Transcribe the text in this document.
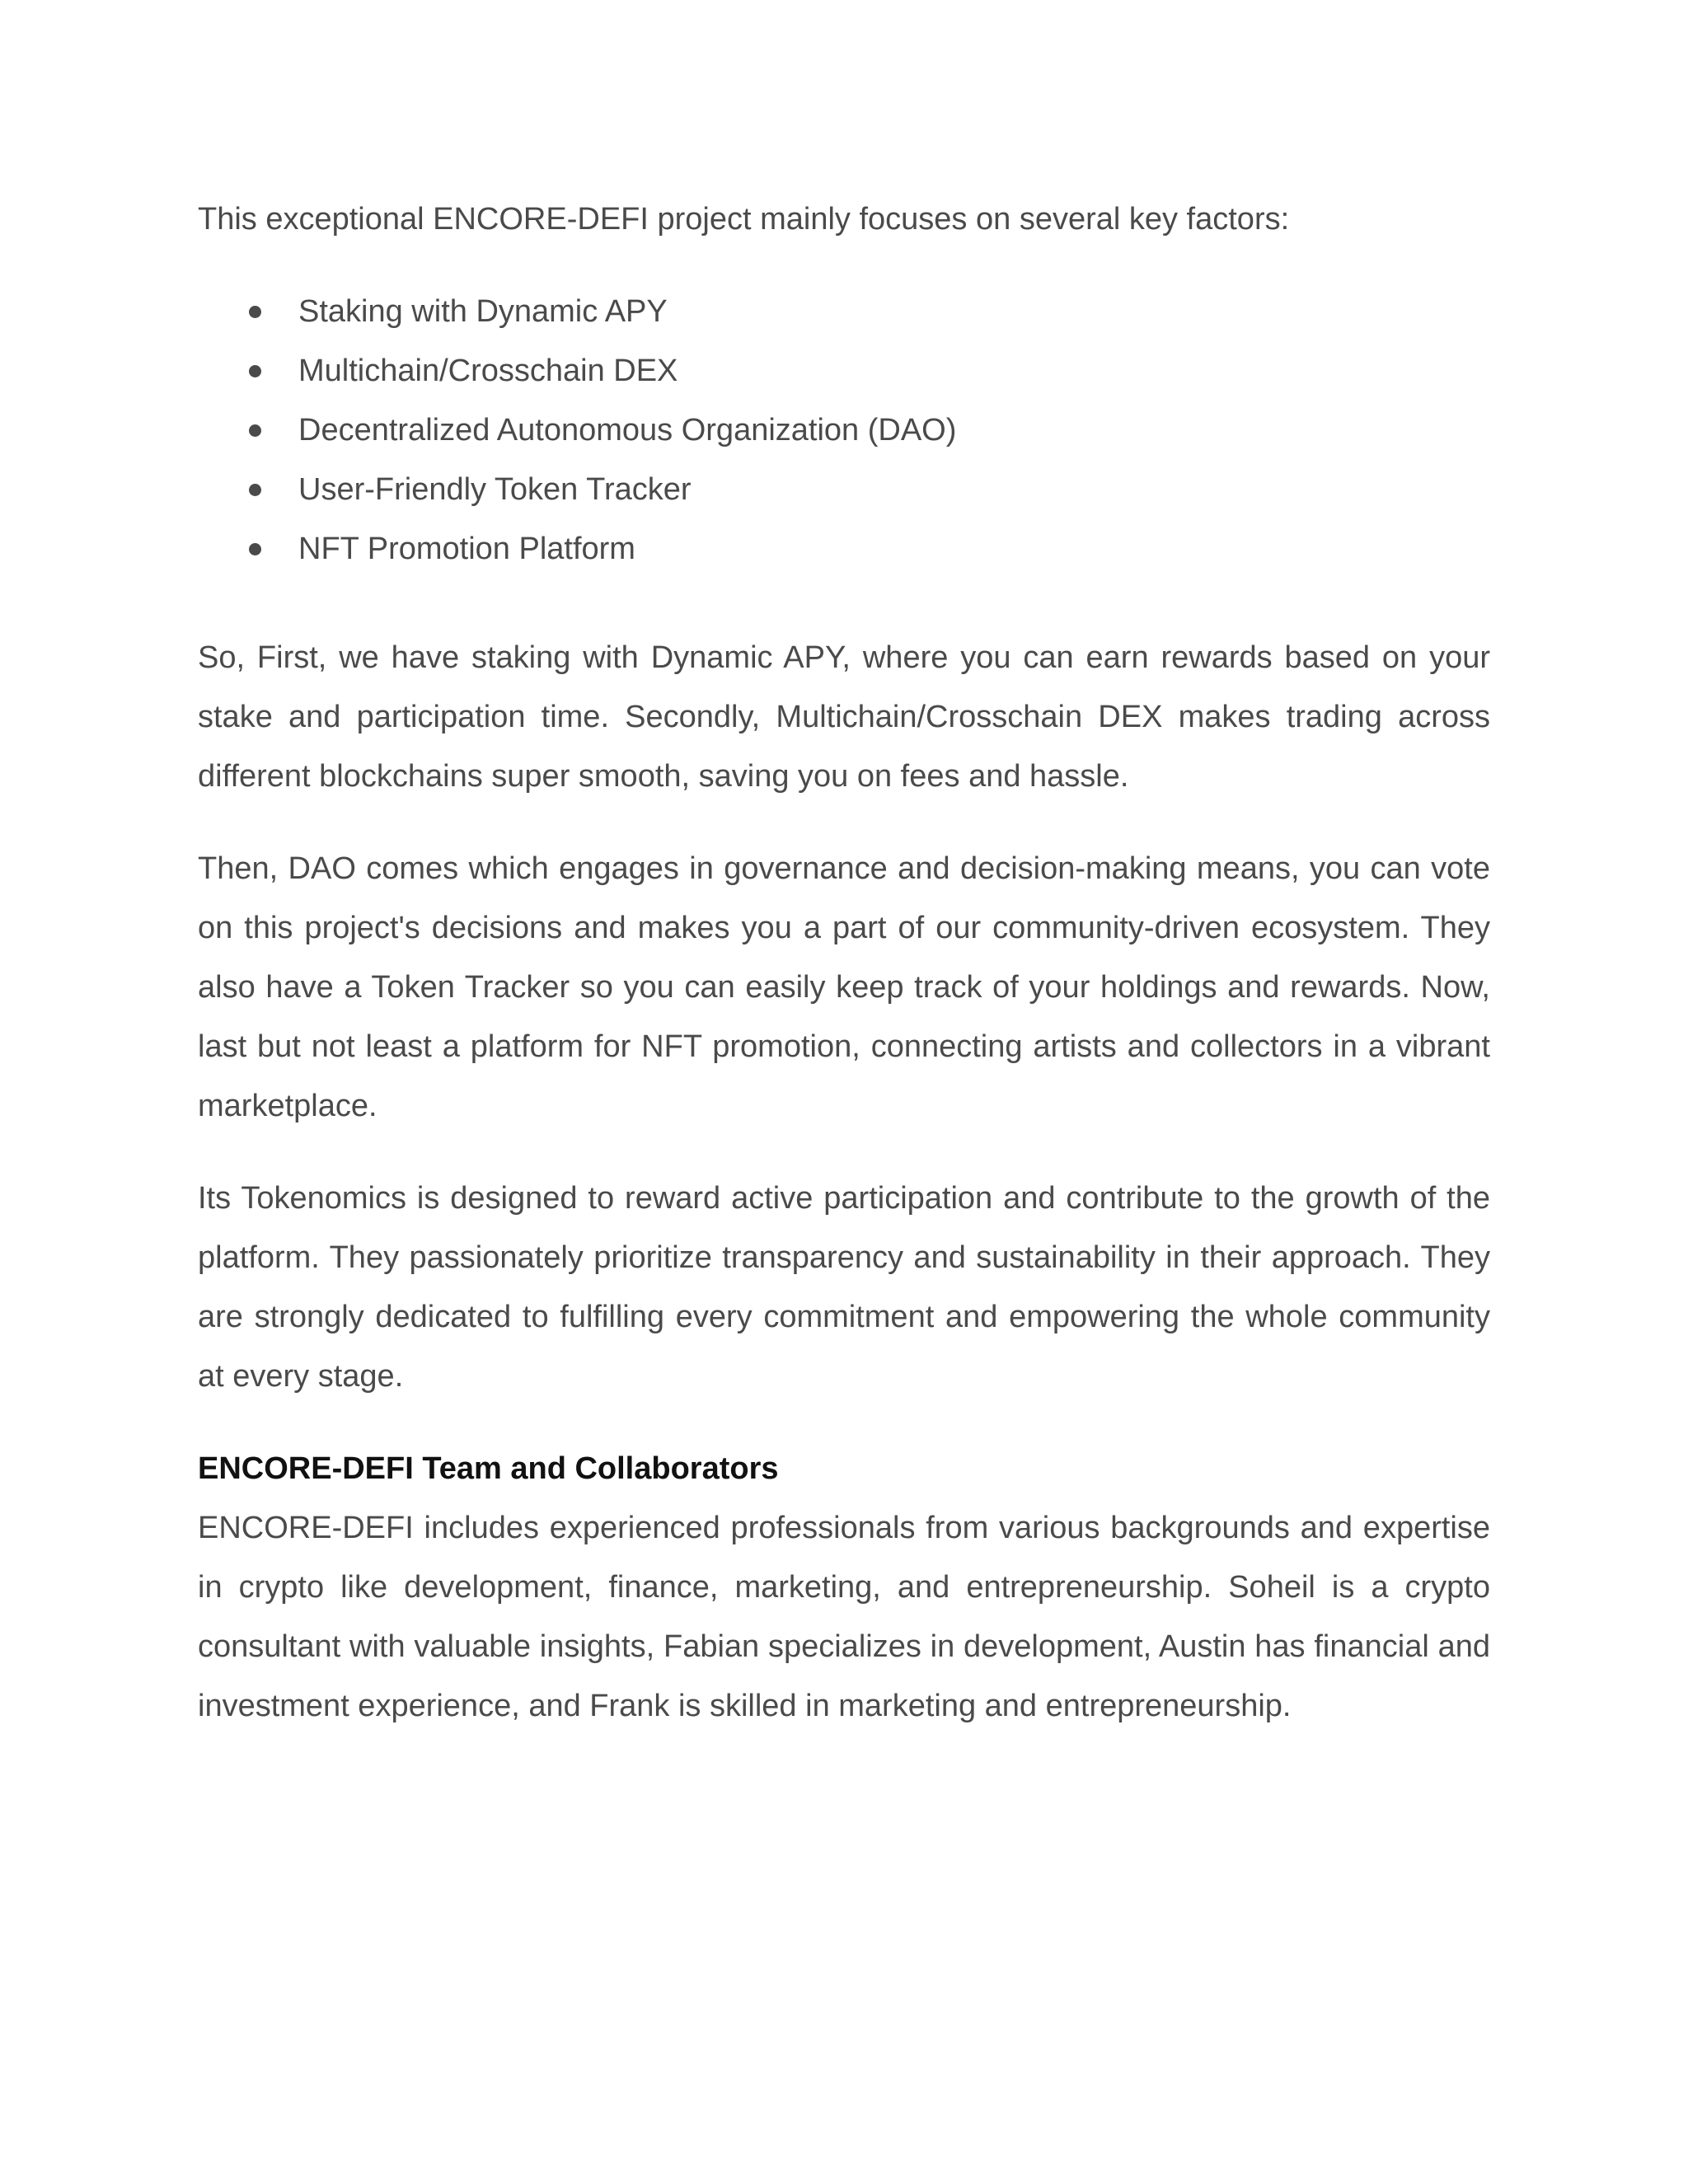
This exceptional ENCORE-DEFI project mainly focuses on several key factors:

Staking with Dynamic APY
Multichain/Crosschain DEX
Decentralized Autonomous Organization (DAO)
User-Friendly Token Tracker
NFT Promotion Platform

So, First, we have staking with Dynamic APY, where you can earn rewards based on your stake and participation time. Secondly, Multichain/Crosschain DEX makes trading across different blockchains super smooth, saving you on fees and hassle.

Then, DAO comes which engages in governance and decision-making means, you can vote on this project's decisions and makes you a part of our community-driven ecosystem. They also have a Token Tracker so you can easily keep track of your holdings and rewards. Now, last but not least a platform for NFT promotion, connecting artists and collectors in a vibrant marketplace.

Its Tokenomics is designed to reward active participation and contribute to the growth of the platform. They passionately prioritize transparency and sustainability in their approach. They are strongly dedicated to fulfilling every commitment and empowering the whole community at every stage.

ENCORE-DEFI Team and Collaborators

ENCORE-DEFI includes experienced professionals from various backgrounds and expertise in crypto like development, finance, marketing, and entrepreneurship. Soheil is a crypto consultant with valuable insights, Fabian specializes in development, Austin has financial and investment experience, and Frank is skilled in marketing and entrepreneurship.
